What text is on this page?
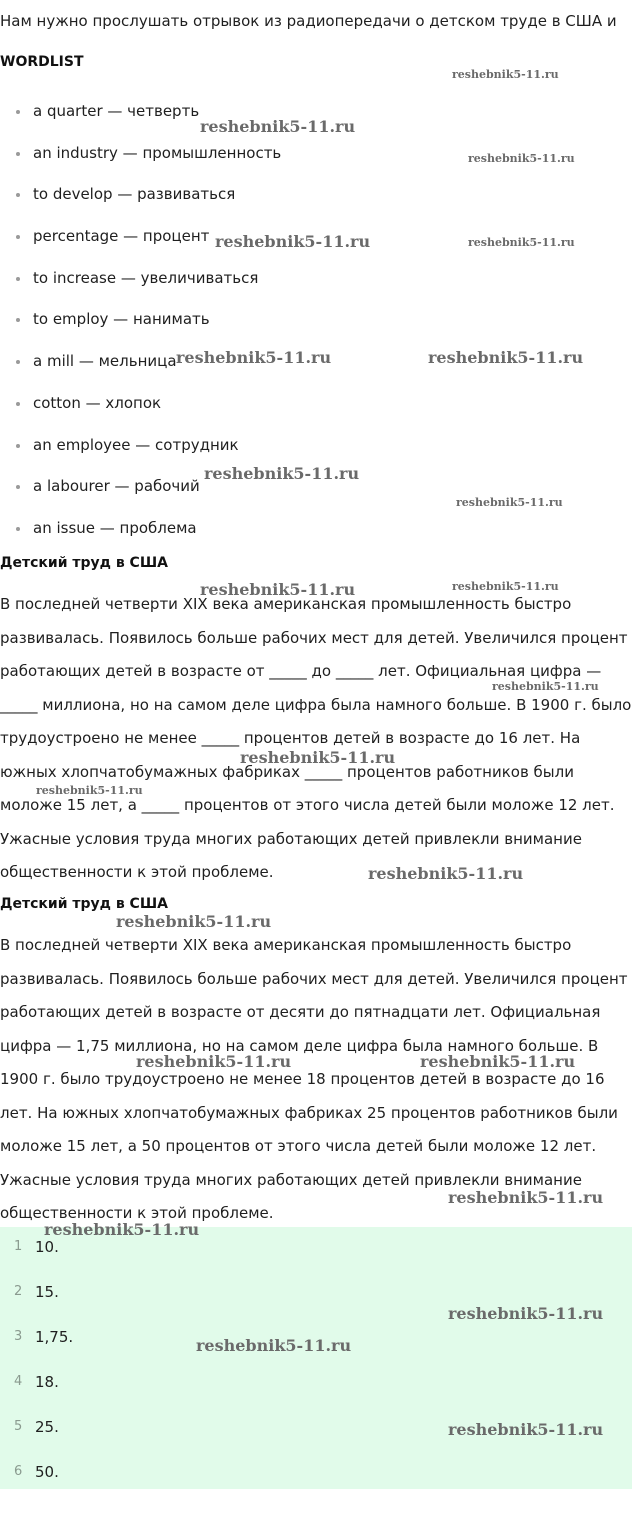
Нам нужно прослушать отрывок из радиопередачи о детском труде в США и

WORDLIST
a quarter — четверть
an industry — промышленность
to develop — развиваться
percentage — процент
to increase — увеличиваться
to employ — нанимать
a mill — мельница
cotton — хлопок
an employee — сотрудник
a labourer — рабочий
an issue — проблема
Детский труд в США

В последней четверти XIX века американская промышленность быстро развивалась. Появилось больше рабочих мест для детей. Увеличился процент работающих детей в возрасте от _____ до _____ лет. Официальная цифра — _____ миллиона, но на самом деле цифра была намного больше. В 1900 г. было трудоустроено не менее _____ процентов детей в возрасте до 16 лет. На южных хлопчатобумажных фабриках _____ процентов работников были моложе 15 лет, а _____ процентов от этого числа детей были моложе 12 лет. Ужасные условия труда многих работающих детей привлекли внимание общественности к этой проблеме.

Детский труд в США

В последней четверти XIX века американская промышленность быстро развивалась. Появилось больше рабочих мест для детей. Увеличился процент работающих детей в возрасте от десяти до пятнадцати лет. Официальная цифра — 1,75 миллиона, но на самом деле цифра была намного больше. В 1900 г. было трудоустроено не менее 18 процентов детей в возрасте до 16 лет. На южных хлопчатобумажных фабриках 25 процентов работников были моложе 15 лет, а 50 процентов от этого числа детей были моложе 12 лет. Ужасные условия труда многих работающих детей привлекли внимание общественности к этой проблеме.

1 10.
2 15.
3 1,75.
4 18.
5 25.
6 50.
reshebnik5-11.ru
reshebnik5-11.ru
reshebnik5-11.ru
reshebnik5-11.ru	reshebnik5-11.ru
reshebnik5-11.ru	reshebnik5-11.ru
reshebnik5-11.ru
reshebnik5-11.ru
reshebnik5-11.ru	reshebnik5-11.ru
reshebnik5-11.ru
reshebnik5-11.ru
reshebnik5-11.ru
reshebnik5-11.ru
reshebnik5-11.ru
reshebnik5-11.ru	reshebnik5-11.ru
reshebnik5-11.ru
reshebnik5-11.ru
reshebnik5-11.ru
reshebnik5-11.ru
reshebnik5-11.ru
